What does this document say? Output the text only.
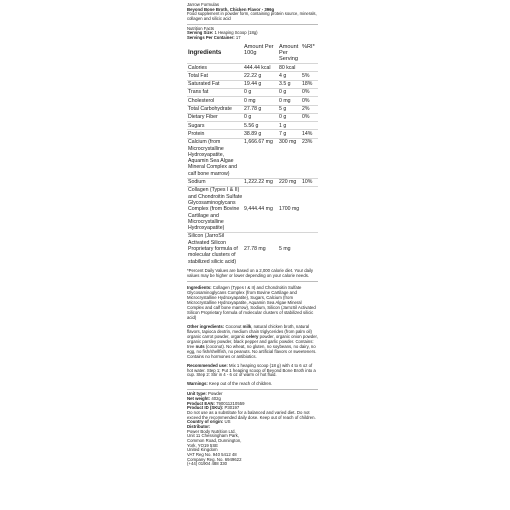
Jarrow Formulas
Beyond Bone Broth, Chicken Flavor - 396g
Food supplement in powder form, containing protein source, minerals, collagen and silicic acid
Nutrition Facts
Serving Size: 1 Heaping Scoop (18g)
Servings Per Container: 17
Ingredients	Amount Per 100g	Amount Per Serving	%RI*
Calories	444.44 kcal	80 kcal	
Total Fat	22.22 g	4 g	5%
Saturated Fat	19.44 g	3.5 g	18%
Trans fat	0 g	0 g	0%
Cholesterol	0 mg	0 mg	0%
Total Carbohydrate	27.78 g	5 g	2%
Dietary Fiber	0 g	0 g	0%
Sugars	5.56 g	1 g	
Protein	38.89 g	7 g	14%
Calcium (from Microcrystalline Hydroxyapatite, Aquamin Sea Algae Mineral Complex and calf bone marrow)	1,666.67 mg	300 mg	23%
Sodium	1,222.22 mg	220 mg	10%
Collagen (Types I & II) and Chondroitin Sulfate Glycosaminoglycans Complex (from Bovine Cartilage and Microcrystalline Hydroxyapatite)	9,444.44 mg	1700 mg	
Silicon (JarroSil Activated Silicon Proprietary formula of molecular clusters of stabilized silicic acid)	27.78 mg	5 mg	
*Percent Daily Values are based on a 2,000 calorie diet. Your daily values may be higher or lower depending on your calorie needs.
Ingredients: Collagen (Types I & II) and Chondroitin Sulfate Glycosaminoglycans Complex (from Bovine Cartilage and Microcrystalline Hydroxyapatite), Sugars, Calcium (from Microcrystalline Hydroxyapatite, Aquamin Sea Algae Mineral Complex and calf bone marrow), Sodium, Silicon (JarroSil Activated Silicon Proprietary formula of molecular clusters of stabilized silicic acid)
Other ingredients: Coconut milk, natural chicken broth, natural flavors, tapioca dextrin, medium chain triglycerides (from palm oil) organic carrot powder, organic celery powder, organic onion powder, organic parsley powder, black pepper and garlic powder. Contains: tree nuts (coconut). No wheat, no gluten, no soybeans, no dairy, no egg, no fish/shellfish, no peanuts. No artificial flavors or sweeteners. Contains no hormones or antibiotics.
Recommended use: Mix 1 heaping scoop (18 g) with 4 to 6 oz of hot water. Step 1: Put 1 heaping scoop of Beyond Bone Broth into a cup. Step 2: Stir in 4 - 6 oz of warm or hot fluid.
Warnings: Keep out of the reach of children.
Unit type: Powder
Net weight: 402g
Product EAN: 790011210559
Product ID (SKU): P30197
Do not use as a substitute for a balanced and varied diet. Do not exceed the recommended daily dose. Keep out of reach of children.
Country of origin: US
Distributor:
Power Body Nutrition Ltd.
Unit 11 Chessingham Park,
Common Road, Dunnington,
York, YO19 5SE
United Kingdom
VAT Reg No. 940 5412 48
Company Reg. No. 6949622
(+44) 01904 488 330
